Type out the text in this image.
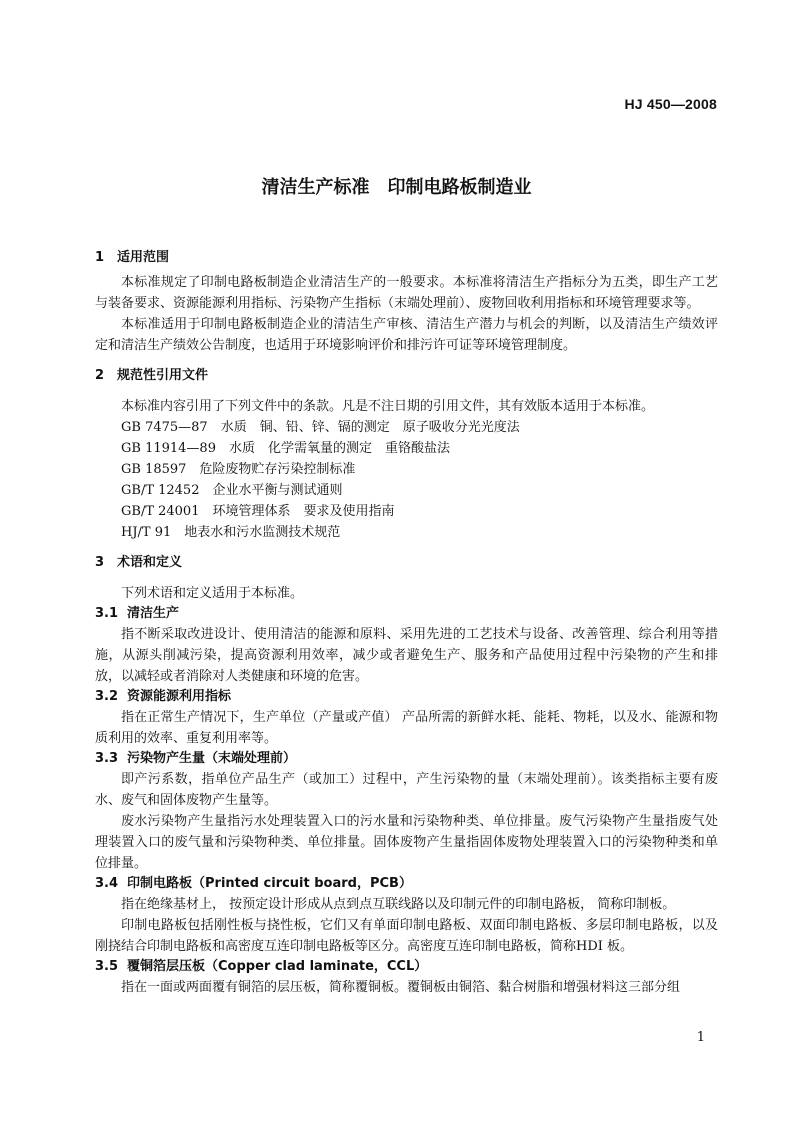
HJ 450—2008
清洁生产标准　印制电路板制造业
1 适用范围

本标准规定了印制电路板制造企业清洁生产的一般要求。本标准将清洁生产指标分为五类，即生产工艺与装备要求、资源能源利用指标、污染物产生指标（末端处理前）、废物回收利用指标和环境管理要求等。

本标准适用于印制电路板制造企业的清洁生产审核、清洁生产潜力与机会的判断，以及清洁生产绩效评定和清洁生产绩效公告制度，也适用于环境影响评价和排污许可证等环境管理制度。

2 规范性引用文件

本标准内容引用了下列文件中的条款。凡是不注日期的引用文件，其有效版本适用于本标准。

GB 7475—87　水质　铜、铅、锌、镉的测定　原子吸收分光光度法
GB 11914—89　水质　化学需氧量的测定　重铬酸盐法
GB 18597　危险废物贮存污染控制标准
GB/T 12452　企业水平衡与测试通则
GB/T 24001　环境管理体系　要求及使用指南
HJ/T 91　地表水和污水监测技术规范
3 术语和定义

下列术语和定义适用于本标准。

3.1 清洁生产

指不断采取改进设计、使用清洁的能源和原料、采用先进的工艺技术与设备、改善管理、综合利用等措施，从源头削减污染，提高资源利用效率，减少或者避免生产、服务和产品使用过程中污染物的产生和排放，以减轻或者消除对人类健康和环境的危害。

3.2 资源能源利用指标

指在正常生产情况下，生产单位（产量或产值） 产品所需的新鲜水耗、能耗、物耗，以及水、能源和物质利用的效率、重复利用率等。

3.3 污染物产生量（末端处理前）

即产污系数，指单位产品生产（或加工）过程中，产生污染物的量（末端处理前）。该类指标主要有废水、废气和固体废物产生量等。

废水污染物产生量指污水处理装置入口的污水量和污染物种类、单位排量。废气污染物产生量指废气处理装置入口的废气量和污染物种类、单位排量。固体废物产生量指固体废物处理装置入口的污染物种类和单位排量。

3.4 印制电路板（Printed circuit board，PCB）

指在绝缘基材上， 按预定设计形成从点到点互联线路以及印制元件的印制电路板， 简称印制板。

印制电路板包括刚性板与挠性板，它们又有单面印制电路板、双面印制电路板、多层印制电路板，以及刚挠结合印制电路板和高密度互连印制电路板等区分。高密度互连印制电路板，简称HDI 板。

3.5 覆铜箔层压板（Copper clad laminate，CCL）

指在一面或两面覆有铜箔的层压板，简称覆铜板。覆铜板由铜箔、黏合树脂和增强材料这三部分组

1
